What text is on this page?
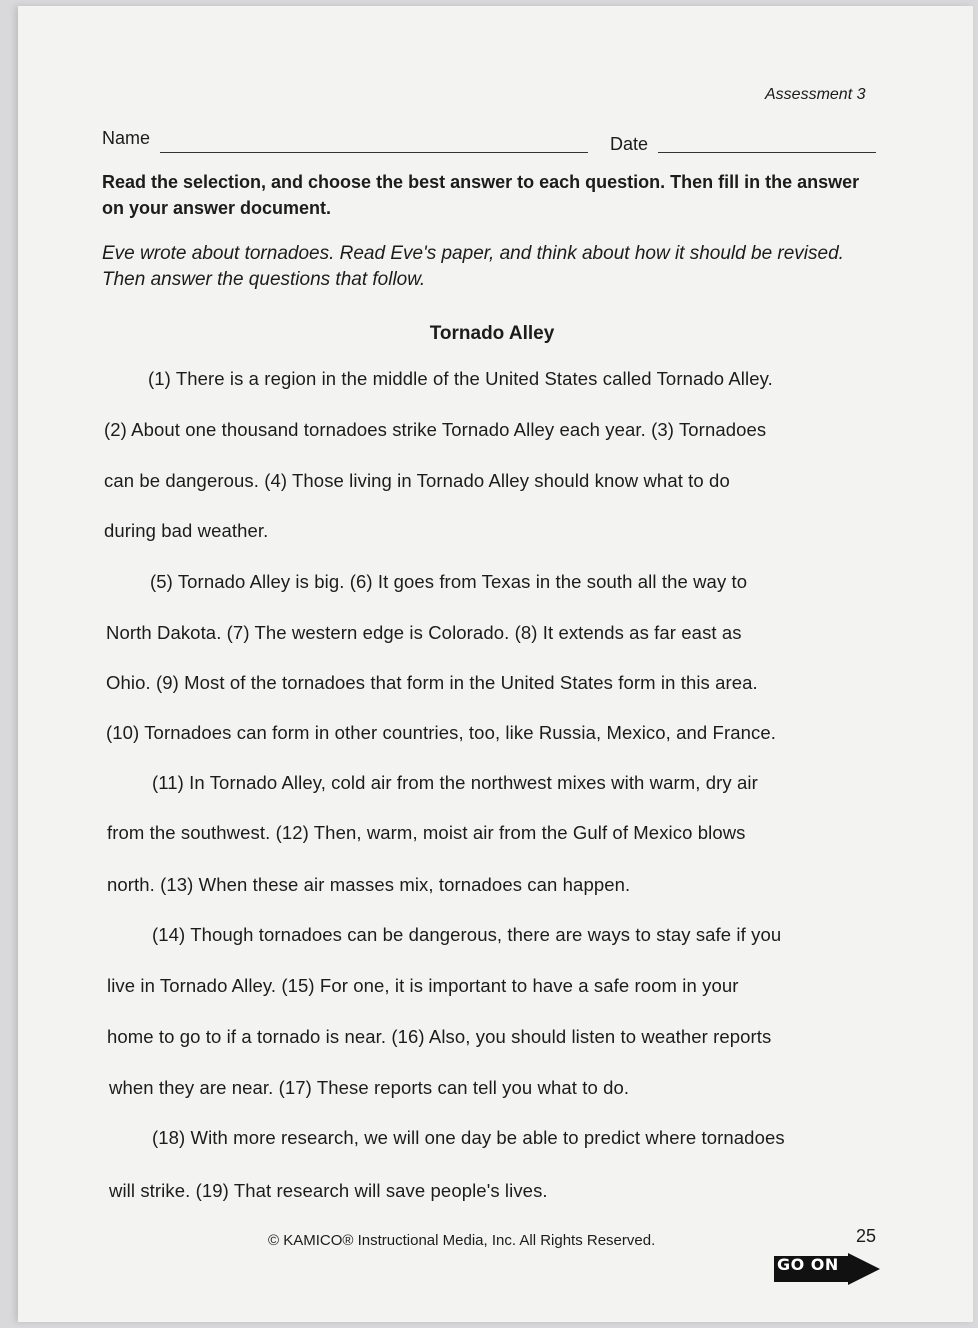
Assessment 3
Name	Date
Read the selection, and choose the best answer to each question. Then fill in the answer on your answer document.
Eve wrote about tornadoes. Read Eve's paper, and think about how it should be revised. Then answer the questions that follow.
Tornado Alley
(1) There is a region in the middle of the United States called Tornado Alley.
(2) About one thousand tornadoes strike Tornado Alley each year. (3) Tornadoes
can be dangerous. (4) Those living in Tornado Alley should know what to do
during bad weather.
(5) Tornado Alley is big. (6) It goes from Texas in the south all the way to
North Dakota. (7) The western edge is Colorado. (8) It extends as far east as
Ohio. (9) Most of the tornadoes that form in the United States form in this area.
(10) Tornadoes can form in other countries, too, like Russia, Mexico, and France.
(11) In Tornado Alley, cold air from the northwest mixes with warm, dry air
from the southwest. (12) Then, warm, moist air from the Gulf of Mexico blows
north. (13) When these air masses mix, tornadoes can happen.
(14) Though tornadoes can be dangerous, there are ways to stay safe if you
live in Tornado Alley. (15) For one, it is important to have a safe room in your
home to go to if a tornado is near. (16) Also, you should listen to weather reports
when they are near. (17) These reports can tell you what to do.
(18) With more research, we will one day be able to predict where tornadoes
will strike. (19) That research will save people's lives.
© KAMICO® Instructional Media, Inc. All Rights Reserved.	25
GO ON
